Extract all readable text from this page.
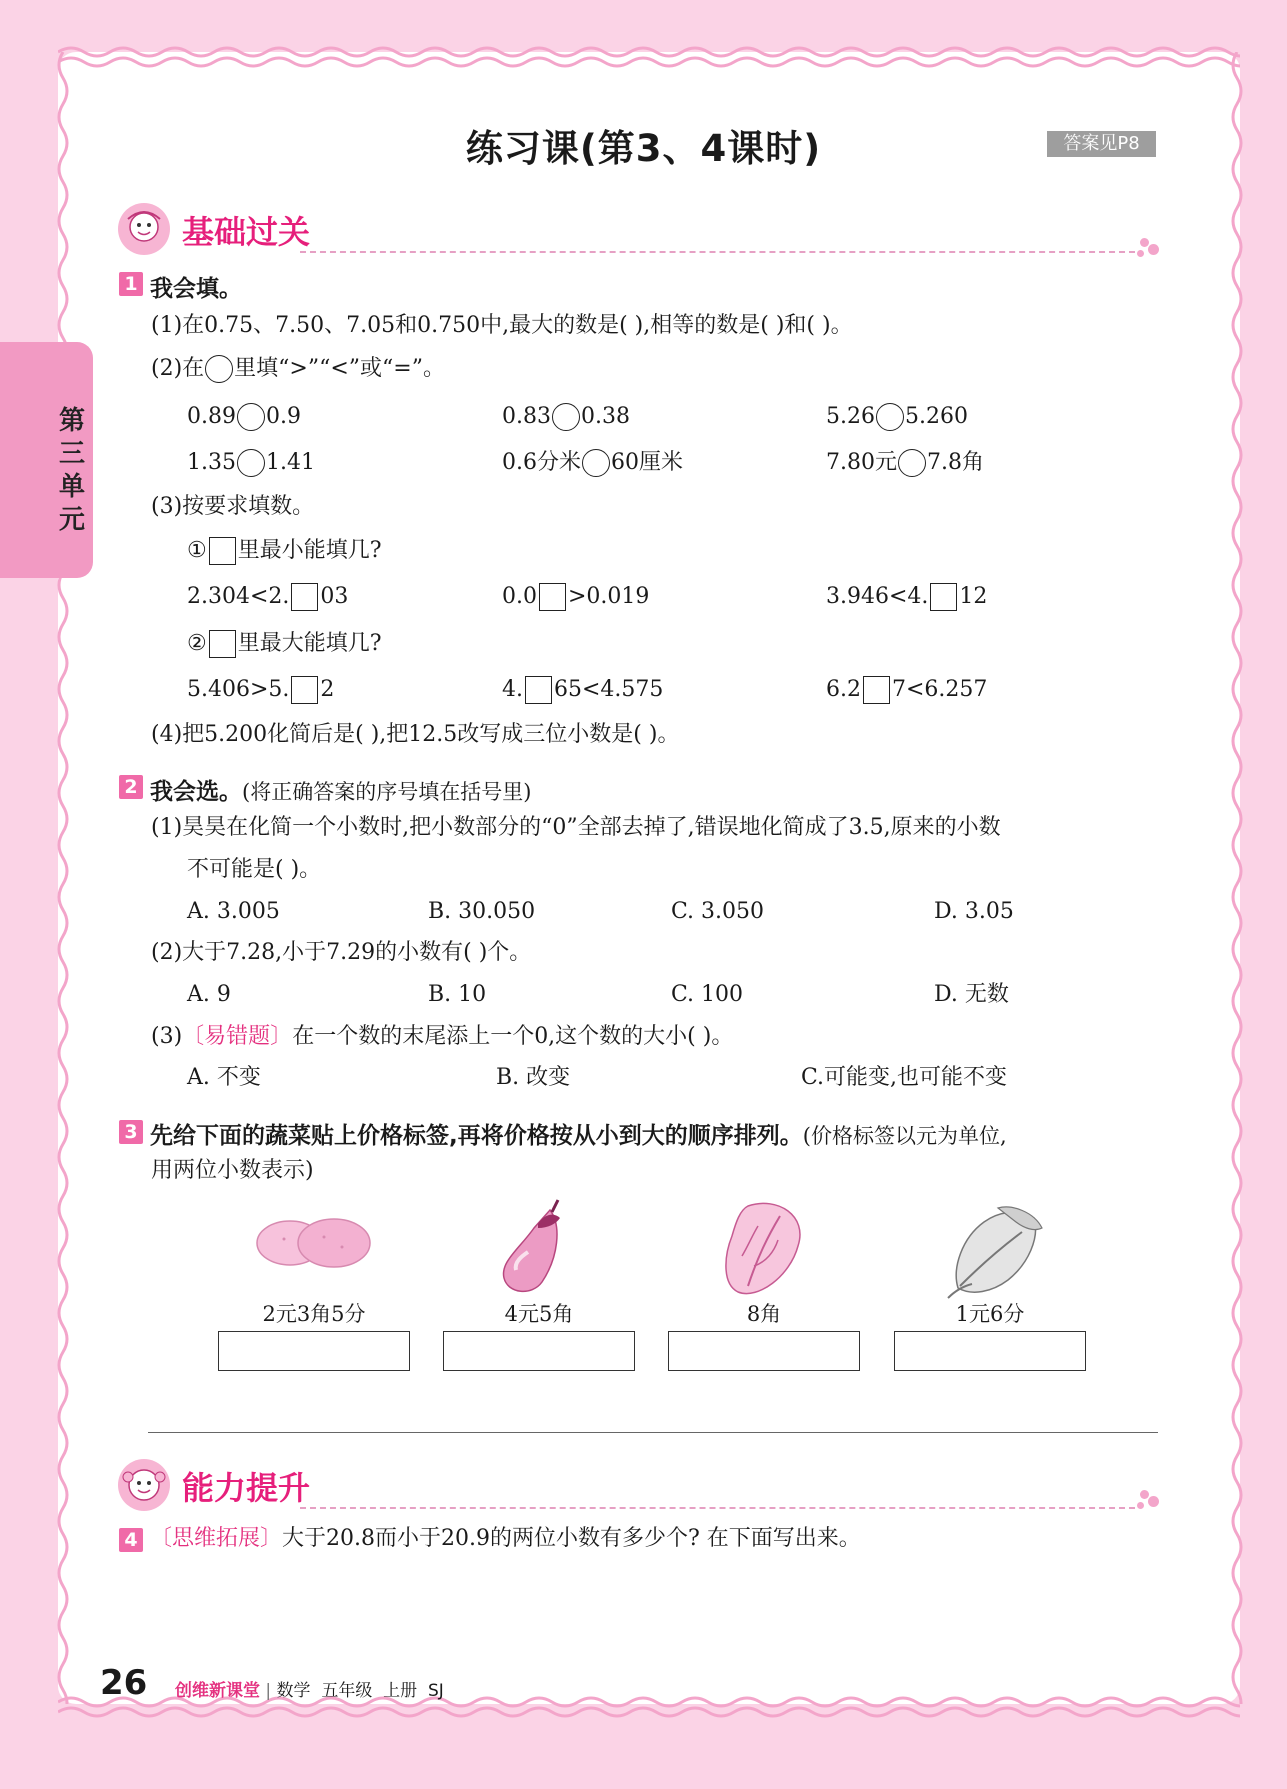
第三单元
练习课(第3、4课时)	答案见P8
基础过关
1 我会填。
(1)在0.75、7.50、7.05和0.750中,最大的数是( ),相等的数是( )和( )。
(2)在 里填“>”“<”或“=”。
0.89 0.9	0.83 0.38	5.26 5.260
1.35 1.41	0.6分米 60厘米	7.80元 7.8角
(3)按要求填数。
① 里最小能填几?
2.304<2. 03	0.0 >0.019	3.946<4. 12
② 里最大能填几?
5.406>5. 2	4. 65<4.575	6.2 7<6.257
(4)把5.200化简后是( ),把12.5改写成三位小数是( )。
2 我会选。(将正确答案的序号填在括号里)
(1)昊昊在化简一个小数时,把小数部分的“0”全部去掉了,错误地化简成了3.5,原来的小数
不可能是( )。
A. 3.005	B. 30.050	C. 3.050	D. 3.05
(2)大于7.28,小于7.29的小数有( )个。
A. 9	B. 10	C. 100	D. 无数
(3)〔易错题〕在一个数的末尾添上一个0,这个数的大小( )。
A. 不变	B. 改变	C.可能变,也可能不变
3 先给下面的蔬菜贴上价格标签,再将价格按从小到大的顺序排列。(价格标签以元为单位,
用两位小数表示)
2元3角5分	4元5角	8角	1元6分
能力提升
4 〔思维拓展〕大于20.8而小于20.9的两位小数有多少个? 在下面写出来。
26 创维新课堂 | 数学 五年级 上册 SJ
